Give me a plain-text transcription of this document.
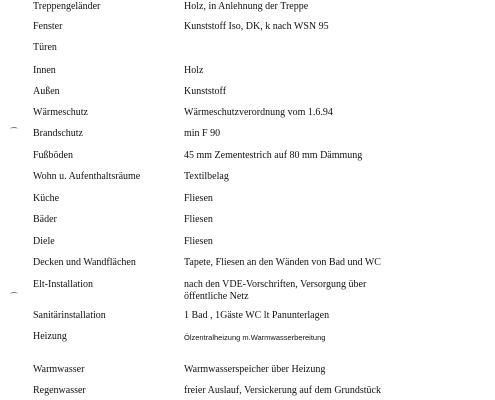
Treppengeländer	Holz, in Anlehnung der Treppe
Fenster	Kunststoff Iso, DK, k nach WSN 95
Türen
Innen	Holz
Außen	Kunststoff
Wärmeschutz	Wärmeschutzverordnung vom 1.6.94
Brandschutz	min F 90
Fußböden	45 mm Zementestrich auf 80 mm Dämmung
Wohn u. Aufenthaltsräume	Textilbelag
Küche	Fliesen
Bäder	Fliesen
Diele	Fliesen
Decken und Wandflächen	Tapete, Fliesen an den Wänden von Bad und WC
Elt-Installation	nach den VDE-Vorschriften, Versorgung über
öffentliche Netz
Sanitärinstallation	1 Bad , 1Gäste WC lt Panunterlagen
Heizung	Ölzentralheizung m.Warmwasserbereitung
Warmwasser	Warmwasserspeicher über Heizung
Regenwasser	freier Auslauf, Versickerung auf dem Grundstück
